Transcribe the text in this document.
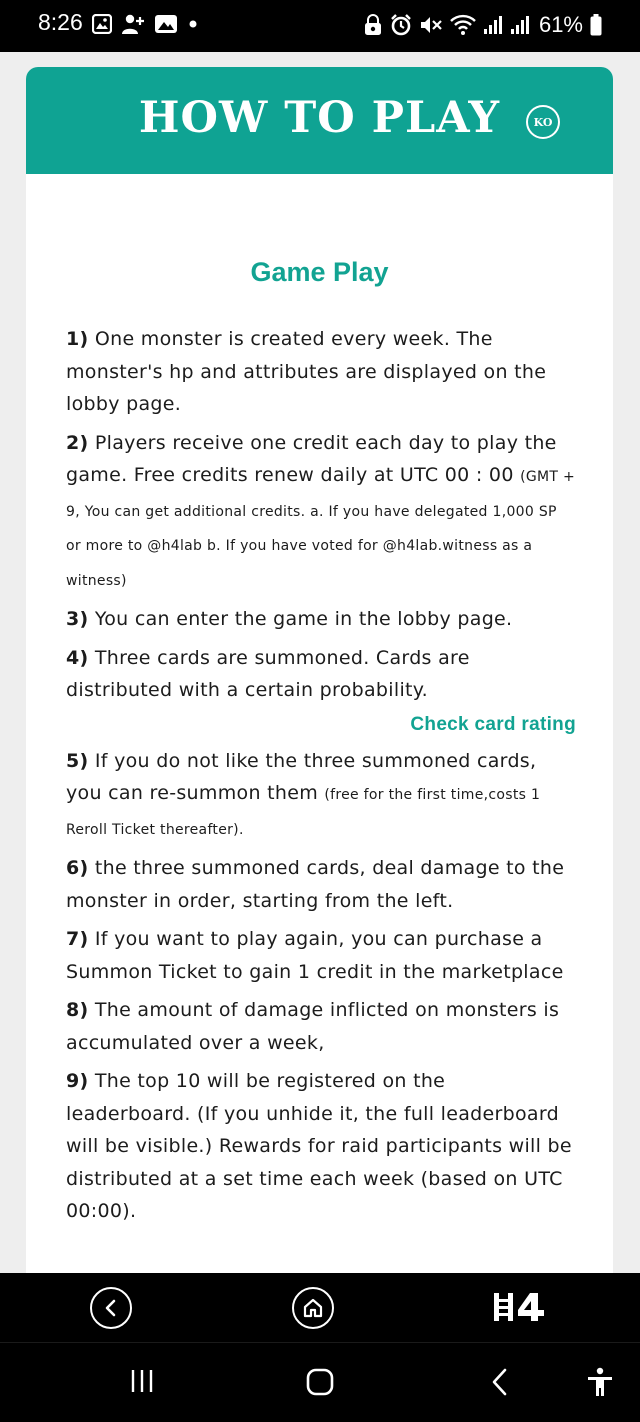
8:26	61%
HOW TO PLAY	KO
Game Play
1) One monster is created every week. The monster's hp and attributes are displayed on the lobby page.
2) Players receive one credit each day to play the game. Free credits renew daily at UTC 00 : 00 (GMT + 9, You can get additional credits. a. If you have delegated 1,000 SP or more to @h4lab b. If you have voted for @h4lab.witness as a witness)
3) You can enter the game in the lobby page.
4) Three cards are summoned. Cards are distributed with a certain probability.
Check card rating
5) If you do not like the three summoned cards, you can re-summon them (free for the first time,costs 1 Reroll Ticket thereafter).
6) the three summoned cards, deal damage to the monster in order, starting from the left.
7) If you want to play again, you can purchase a Summon Ticket to gain 1 credit in the marketplace
8) The amount of damage inflicted on monsters is accumulated over a week,
9) The top 10 will be registered on the leaderboard. (If you unhide it, the full leaderboard will be visible.) Rewards for raid participants will be distributed at a set time each week (based on UTC 00:00).
